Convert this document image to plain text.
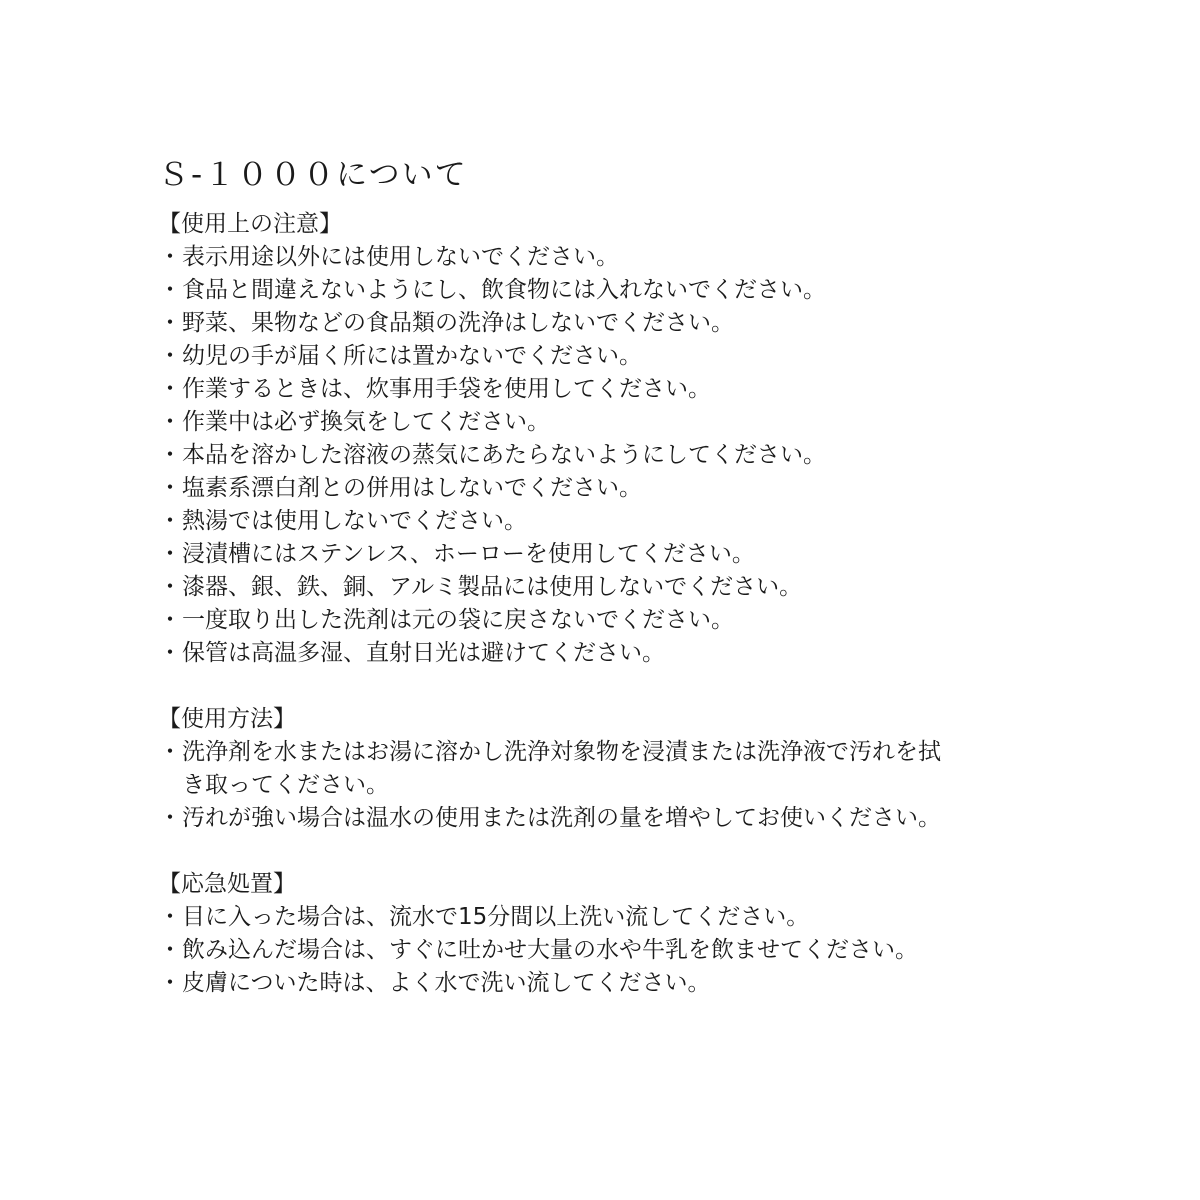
Ｓ-１０００について
【使用上の注意】
・ 表示用途以外には使用しないでください。
・ 食品と間違えないようにし、飲食物には入れないでください。
・ 野菜、果物などの食品類の洗浄はしないでください。
・ 幼児の手が届く所には置かないでください。
・ 作業するときは、炊事用手袋を使用してください。
・ 作業中は必ず換気をしてください。
・ 本品を溶かした溶液の蒸気にあたらないようにしてください。
・ 塩素系漂白剤との併用はしないでください。
・ 熱湯では使用しないでください。
・ 浸漬槽にはステンレス、ホーローを使用してください。
・ 漆器、銀、鉄、銅、アルミ製品には使用しないでください。
・ 一度取り出した洗剤は元の袋に戻さないでください。
・ 保管は高温多湿、直射日光は避けてください。
【使用方法】
・ 洗浄剤を水またはお湯に溶かし洗浄対象物を浸漬または洗浄液で汚れを拭
き取ってください。
・ 汚れが強い場合は温水の使用または洗剤の量を増やしてお使いください。
【応急処置】
・ 目に入った場合は、流水で15分間以上洗い流してください。
・ 飲み込んだ場合は、すぐに吐かせ大量の水や牛乳を飲ませてください。
・ 皮膚についた時は、よく水で洗い流してください。
